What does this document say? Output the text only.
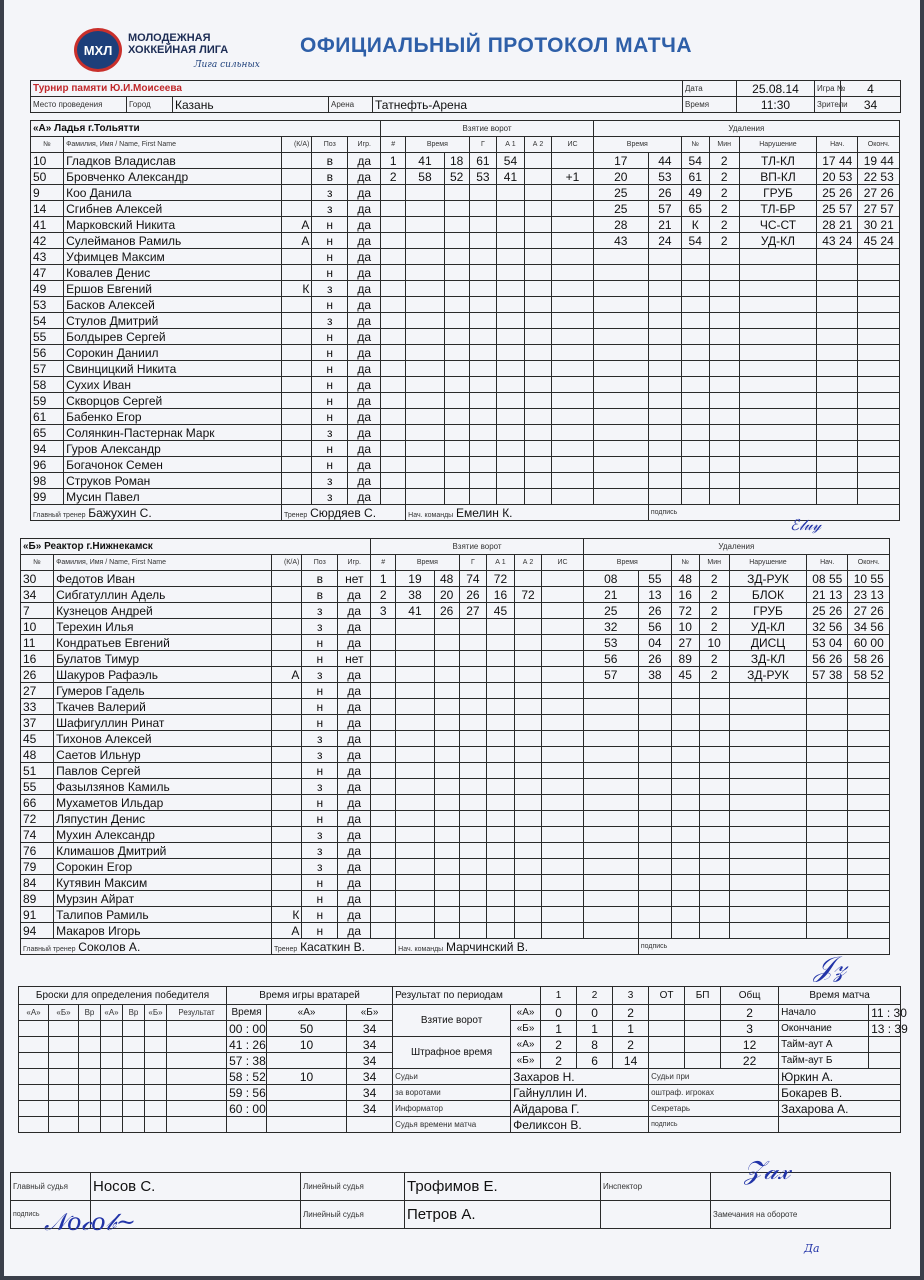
МХЛ
МОЛОДЕЖНАЯ
ХОККЕЙНАЯ ЛИГА
Лига сильных
ОФИЦИАЛЬНЫЙ ПРОТОКОЛ МАТЧА
Турнир памяти Ю.И.Моисеева					Дата	25.08.14	Игра №	4
Место проведения	Город	Казань	Арена	Татнефть-Арена	Время	11:30	Зрители	34
«А» Ладья г.Тольятти					Взятие ворот							Удаления						
№	Фамилия, Имя / Name, First Name	(К/А)	Поз	Игр.	#	Время		Г	А 1	А 2	ИС	Время		№	Мин	Нарушение	Нач.	Оконч.
10	Гладков Владислав		в	да	1	41	18	61	54			17	44	54	2	ТЛ-КЛ	17 44	19 44
50	Бровченко Александр		в	да	2	58	52	53	41		+1	20	53	61	2	ВП-КЛ	20 53	22 53
9	Коо Данила		з	да								25	26	49	2	ГРУБ	25 26	27 26
14	Сгибнев Алексей		з	да								25	57	65	2	ТЛ-БР	25 57	27 57
41	Марковский Никита	А	н	да								28	21	К	2	ЧС-СТ	28 21	30 21
42	Сулейманов Рамиль	А	н	да								43	24	54	2	УД-КЛ	43 24	45 24
43	Уфимцев Максим		н	да														
47	Ковалев Денис		н	да														
49	Ершов Евгений	К	з	да														
53	Басков Алексей		н	да														
54	Стулов Дмитрий		з	да														
55	Болдырев Сергей		н	да														
56	Сорокин Даниил		н	да														
57	Свинцицкий Никита		н	да														
58	Сухих Иван		н	да														
59	Скворцов Сергей		н	да														
61	Бабенко Егор		н	да														
65	Солянкин-Пастернак Марк		з	да														
94	Гуров Александр		н	да														
96	Богачонок Семен		н	да														
98	Струков Роман		з	да														
99	Мусин Павел		з	да														
Главный тренер Бажухин С.		Тренер Сюрдяев С.				Нач. команды Емелин К.							подпись					
«Б» Реактор г.Нижнекамск					Взятие ворот							Удаления						
№	Фамилия, Имя / Name, First Name	(К/А)	Поз	Игр.	#	Время		Г	А 1	А 2	ИС	Время		№	Мин	Нарушение	Нач.	Оконч.
30	Федотов Иван		в	нет	1	19	48	74	72			08	55	48	2	ЗД-РУК	08 55	10 55
34	Сибгатуллин Адель		в	да	2	38	20	26	16	72		21	13	16	2	БЛОК	21 13	23 13
7	Кузнецов Андрей		з	да	3	41	26	27	45			25	26	72	2	ГРУБ	25 26	27 26
10	Терехин Илья		з	да								32	56	10	2	УД-КЛ	32 56	34 56
11	Кондратьев Евгений		н	да								53	04	27	10	ДИСЦ	53 04	60 00
16	Булатов Тимур		н	нет								56	26	89	2	ЗД-КЛ	56 26	58 26
26	Шакуров Рафаэль	А	з	да								57	38	45	2	ЗД-РУК	57 38	58 52
27	Гумеров Гадель		н	да														
33	Ткачев Валерий		н	да														
37	Шафигуллин Ринат		н	да														
45	Тихонов Алексей		з	да														
48	Саетов Ильнур		з	да														
51	Павлов Сергей		н	да														
55	Фазылзянов Камиль		з	да														
66	Мухаметов Ильдар		н	да														
72	Ляпустин Денис		н	да														
74	Мухин Александр		з	да														
76	Климашов Дмитрий		з	да														
79	Сорокин Егор		з	да														
84	Кутявин Максим		н	да														
89	Мурзин Айрат		н	да														
91	Талипов Рамиль	К	н	да														
94	Макаров Игорь	А	н	да														
Главный тренер Соколов А.		Тренер Касаткин В.				Нач. команды Марчинский В.							подпись					
Броски для определения победителя							Время игры вратарей			Результат по периодам		1	2	3	ОТ	БП	Общ	Время матча	
«А»	«Б»	Вр	«А»	Вр	«Б»	Результат	Время	«А»	«Б»	Взятие ворот	«А»	0	0	2			2	Начало	11 : 30
							00 : 00	50	34		«Б»	1	1	1			3	Окончание	13 : 39
							41 : 26	10	34	Штрафное время	«А»	2	8	2			12	Тайм-аут А	
							57 : 38		34		«Б»	2	6	14			22	Тайм-аут Б	
							58 : 52	10	34	Судьи	Захаров Н.				Судьи при			Юркин А.	
							59 : 56		34	за воротами	Гайнуллин И.				оштраф. игроках			Бокарев В.	
							60 : 00		34	Информатор	Айдарова Г.				Секретарь			Захарова А.	
										Судья времени матча	Феликсон В.				подпись				
Главный судья	Носов С.	Линейный судья	Трофимов Е.	Инспектор	
подпись		Линейный судья	Петров А.		Замечания на обороте
Да
ℰ𝓁𝓊𝓎
𝒩𝑜𝒸𝑜𝒷~
𝒵𝒶𝓍
𝒥𝓏
